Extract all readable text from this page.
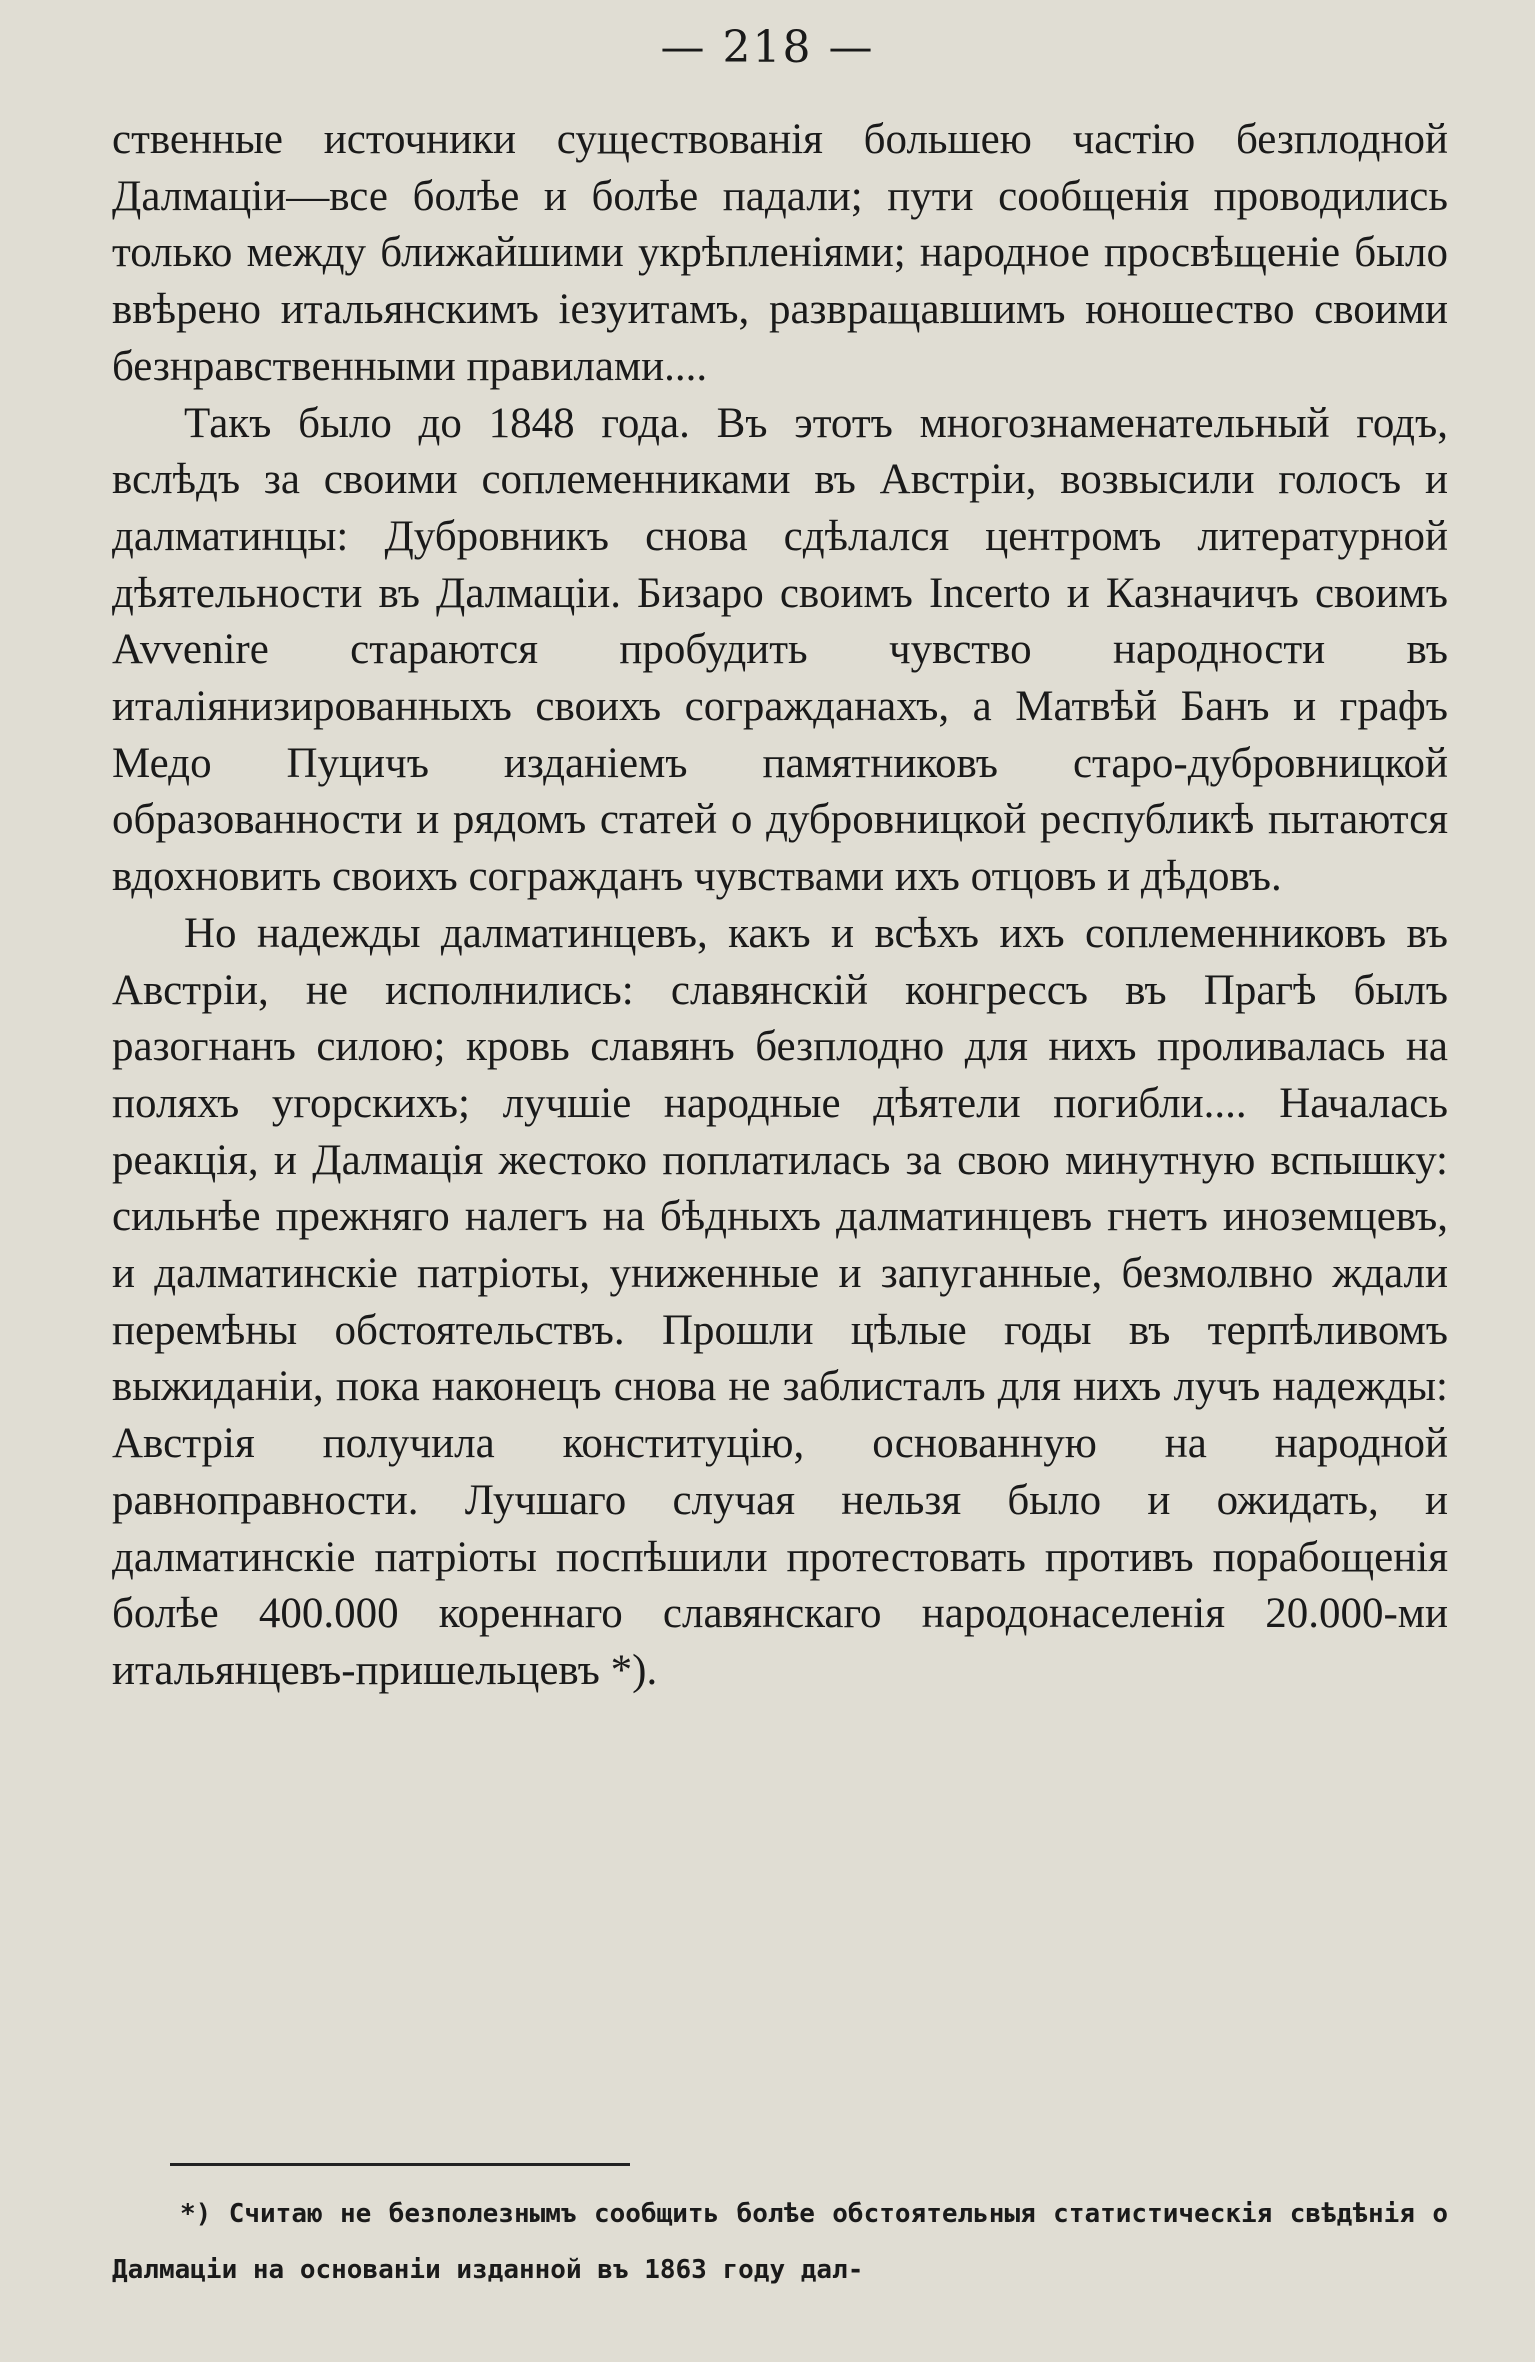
— 218 —

ственные источники существованія большею частію безплодной Далмаціи—все болѣе и болѣе падали; пути сообщенія проводились только между ближайшими укрѣпленіями; народное просвѣщеніе было ввѣрено итальянскимъ іезуитамъ, развращавшимъ юношество своими безнравственными правилами....

Такъ было до 1848 года. Въ этотъ многознаменательный годъ, вслѣдъ за своими соплеменниками въ Австріи, возвысили голосъ и далматинцы: Дубровникъ снова сдѣлался центромъ литературной дѣятельности въ Далмаціи. Бизаро своимъ Incerto и Казначичъ своимъ Avvenire стараются пробудить чувство народности въ италіянизированныхъ своихъ согражданахъ, а Матвѣй Банъ и графъ Медо Пуцичъ изданіемъ памятниковъ старо-дубровницкой образованности и рядомъ статей о дубровницкой республикѣ пытаются вдохновить своихъ согражданъ чувствами ихъ отцовъ и дѣдовъ.

Но надежды далматинцевъ, какъ и всѣхъ ихъ соплеменниковъ въ Австріи, не исполнились: славянскій конгрессъ въ Прагѣ былъ разогнанъ силою; кровь славянъ безплодно для нихъ проливалась на поляхъ угорскихъ; лучшіе народные дѣятели погибли.... Началась реакція, и Далмація жестоко поплатилась за свою минутную вспышку: сильнѣе прежняго налегъ на бѣдныхъ далматинцевъ гнетъ иноземцевъ, и далматинскіе патріоты, униженные и запуганные, безмолвно ждали перемѣны обстоятельствъ. Прошли цѣлые годы въ терпѣливомъ выжиданіи, пока наконецъ снова не заблисталъ для нихъ лучъ надежды: Австрія получила конституцію, основанную на народной равноправности. Лучшаго случая нельзя было и ожидать, и далматинскіе патріоты поспѣшили протестовать противъ порабощенія болѣе 400.000 кореннаго славянскаго народонаселенія 20.000-ми итальянцевъ-пришельцевъ *).

*) Считаю не безполезнымъ сообщить болѣе обстоятельныя статистическія свѣдѣнія о Далмаціи на основаніи изданной въ 1863 году дал-
